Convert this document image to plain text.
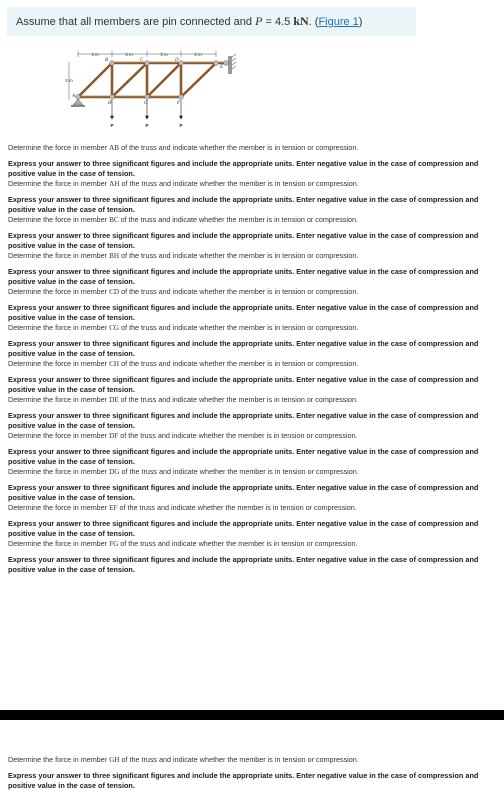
Assume that all members are pin connected and P = 4.5 kN. (Figure 1)
3 m	3 m	3 m	3 m
3 m
B	C	D
E
A
H	G	F
P	P	P
Determine the force in member AB of the truss and indicate whether the member is in tension or compression.
Express your answer to three significant figures and include the appropriate units. Enter negative value in the case of compression and positive value in the case of tension.
Determine the force in member AH of the truss and indicate whether the member is in tension or compression.
Express your answer to three significant figures and include the appropriate units. Enter negative value in the case of compression and positive value in the case of tension.
Determine the force in member BC of the truss and indicate whether the member is in tension or compression.
Express your answer to three significant figures and include the appropriate units. Enter negative value in the case of compression and positive value in the case of tension.
Determine the force in member BH of the truss and indicate whether the member is in tension or compression.
Express your answer to three significant figures and include the appropriate units. Enter negative value in the case of compression and positive value in the case of tension.
Determine the force in member CD of the truss and indicate whether the member is in tension or compression.
Express your answer to three significant figures and include the appropriate units. Enter negative value in the case of compression and positive value in the case of tension.
Determine the force in member CG of the truss and indicate whether the member is in tension or compression.
Express your answer to three significant figures and include the appropriate units. Enter negative value in the case of compression and positive value in the case of tension.
Determine the force in member CH of the truss and indicate whether the member is in tension or compression.
Express your answer to three significant figures and include the appropriate units. Enter negative value in the case of compression and positive value in the case of tension.
Determine the force in member DE of the truss and indicate whether the member is in tension or compression.
Express your answer to three significant figures and include the appropriate units. Enter negative value in the case of compression and positive value in the case of tension.
Determine the force in member DF of the truss and indicate whether the member is in tension or compression.
Express your answer to three significant figures and include the appropriate units. Enter negative value in the case of compression and positive value in the case of tension.
Determine the force in member DG of the truss and indicate whether the member is in tension or compression.
Express your answer to three significant figures and include the appropriate units. Enter negative value in the case of compression and positive value in the case of tension.
Determine the force in member EF of the truss and indicate whether the member is in tension or compression.
Express your answer to three significant figures and include the appropriate units. Enter negative value in the case of compression and positive value in the case of tension.
Determine the force in member FG of the truss and indicate whether the member is in tension or compression.
Express your answer to three significant figures and include the appropriate units. Enter negative value in the case of compression and positive value in the case of tension.
Determine the force in member GH of the truss and indicate whether the member is in tension or compression.
Express your answer to three significant figures and include the appropriate units. Enter negative value in the case of compression and positive value in the case of tension.
